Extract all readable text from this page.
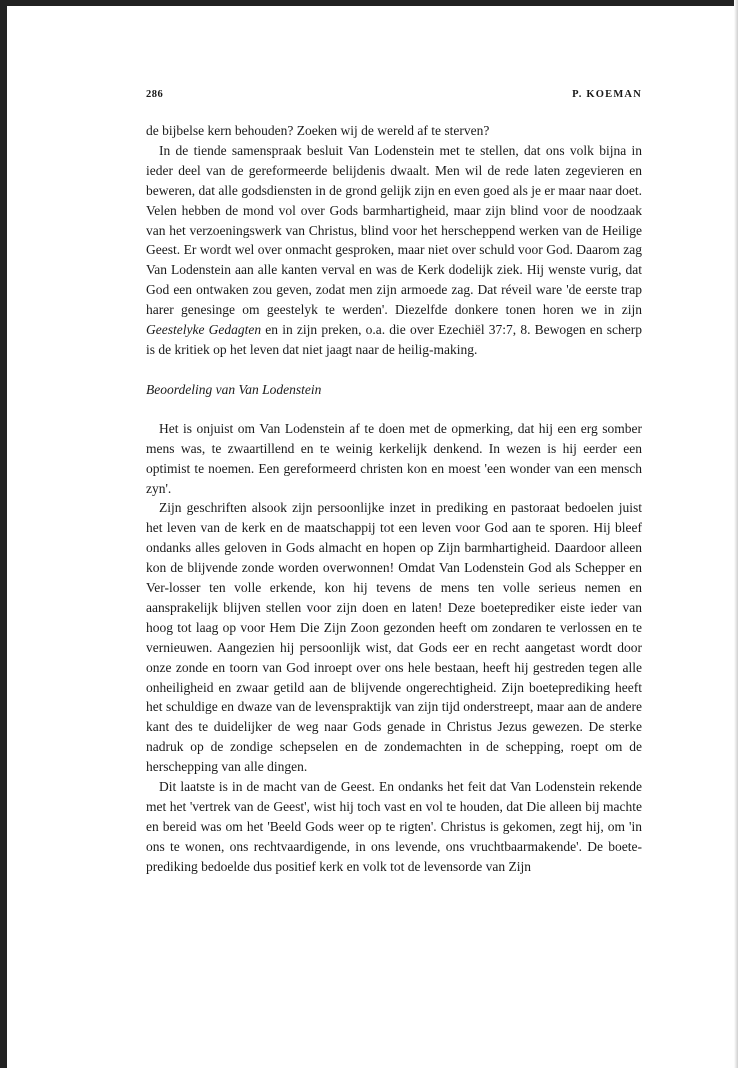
286	P. KOEMAN

de bijbelse kern behouden? Zoeken wij de wereld af te sterven?

In de tiende samenspraak besluit Van Lodenstein met te stellen, dat ons volk bijna in ieder deel van de gereformeerde belijdenis dwaalt. Men wil de rede laten zegevieren en beweren, dat alle godsdiensten in de grond gelijk zijn en even goed als je er maar naar doet. Velen hebben de mond vol over Gods barmhartigheid, maar zijn blind voor de noodzaak van het verzoeningswerk van Christus, blind voor het herscheppend werken van de Heilige Geest. Er wordt wel over onmacht gesproken, maar niet over schuld voor God. Daarom zag Van Lodenstein aan alle kanten verval en was de Kerk dodelijk ziek. Hij wenste vurig, dat God een ontwaken zou geven, zodat men zijn armoede zag. Dat réveil ware 'de eerste trap harer genesinge om geestelyk te werden'. Diezelfde donkere tonen horen we in zijn Geestelyke Gedagten en in zijn preken, o.a. die over Ezechiël 37:7, 8. Bewogen en scherp is de kritiek op het leven dat niet jaagt naar de heilig-making.

Beoordeling van Van Lodenstein

Het is onjuist om Van Lodenstein af te doen met de opmerking, dat hij een erg somber mens was, te zwaartillend en te weinig kerkelijk denkend. In wezen is hij eerder een optimist te noemen. Een gereformeerd christen kon en moest 'een wonder van een mensch zyn'.

Zijn geschriften alsook zijn persoonlijke inzet in prediking en pastoraat bedoelen juist het leven van de kerk en de maatschappij tot een leven voor God aan te sporen. Hij bleef ondanks alles geloven in Gods almacht en hopen op Zijn barmhartigheid. Daardoor alleen kon de blijvende zonde worden overwonnen! Omdat Van Lodenstein God als Schepper en Ver-losser ten volle erkende, kon hij tevens de mens ten volle serieus nemen en aansprakelijk blijven stellen voor zijn doen en laten! Deze boeteprediker eiste ieder van hoog tot laag op voor Hem Die Zijn Zoon gezonden heeft om zondaren te verlossen en te vernieuwen. Aangezien hij persoonlijk wist, dat Gods eer en recht aangetast wordt door onze zonde en toorn van God inroept over ons hele bestaan, heeft hij gestreden tegen alle onheiligheid en zwaar getild aan de blijvende ongerechtigheid. Zijn boeteprediking heeft het schuldige en dwaze van de levenspraktijk van zijn tijd onderstreept, maar aan de andere kant des te duidelijker de weg naar Gods genade in Christus Jezus gewezen. De sterke nadruk op de zondige schepselen en de zondemachten in de schepping, roept om de herschepping van alle dingen.

Dit laatste is in de macht van de Geest. En ondanks het feit dat Van Lodenstein rekende met het 'vertrek van de Geest', wist hij toch vast en vol te houden, dat Die alleen bij machte en bereid was om het 'Beeld Gods weer op te rigten'. Christus is gekomen, zegt hij, om 'in ons te wonen, ons rechtvaardigende, in ons levende, ons vruchtbaarmakende'. De boete-prediking bedoelde dus positief kerk en volk tot de levensorde van Zijn
